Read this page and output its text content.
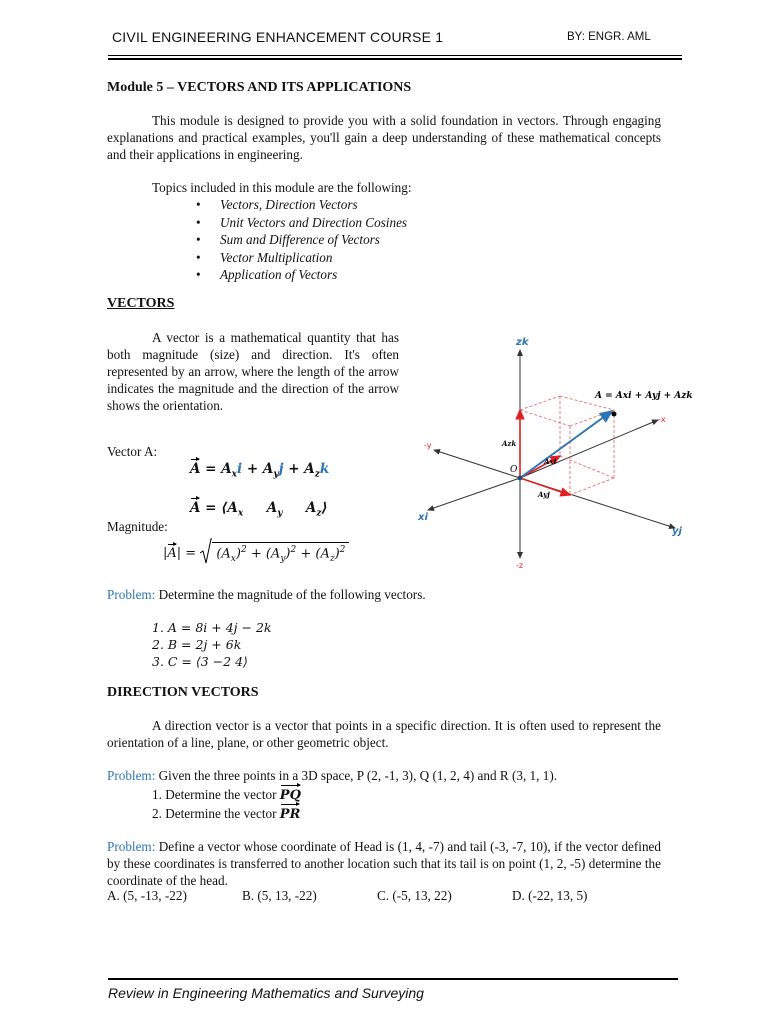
CIVIL ENGINEERING ENHANCEMENT COURSE 1	BY: ENGR. AML
Module 5 – VECTORS AND ITS APPLICATIONS
This module is designed to provide you with a solid foundation in vectors. Through engaging explanations and practical examples, you'll gain a deep understanding of these mathematical concepts and their applications in engineering.
Topics included in this module are the following:
• Vectors, Direction Vectors
• Unit Vectors and Direction Cosines
• Sum and Difference of Vectors
• Vector Multiplication
• Application of Vectors
VECTORS
A vector is a mathematical quantity that has both magnitude (size) and direction. It's often represented by an arrow, where the length of the arrow indicates the magnitude and the direction of the arrow shows the orientation.
Vector A:
$A = A_xi + A_yj + A_zk$
$A = ⟨A_x$     $A_y$     $A_z⟩$
Magnitude:
|A| =	$(A_x)^2 + (A_y)^2 + (A_z)^2$
zk
-z
xi
-x
yj
-y
O
Azk
Axi
Ayj
A = Axi + Ayj + Azk
Problem: Determine the magnitude of the following vectors.
1. A = 8i + 4j − 2k
2. B = 2j + 6k
3. C = ⟨3 −2 4⟩
DIRECTION VECTORS
A direction vector is a vector that points in a specific direction. It is often used to represent the orientation of a line, plane, or other geometric object.
Problem: Given the three points in a 3D space, P (2, -1, 3), Q (1, 2, 4) and R (3, 1, 1).
1. Determine the vector PQ
2. Determine the vector PR
Problem: Define a vector whose coordinate of Head is (1, 4, -7) and tail (-3, -7, 10), if the vector defined by these coordinates is transferred to another location such that its tail is on point (1, 2, -5) determine the coordinate of the head.
A. (5, -13, -22)	B. (5, 13, -22)	C. (-5, 13, 22)	D. (-22, 13, 5)
Review in Engineering Mathematics and Surveying
